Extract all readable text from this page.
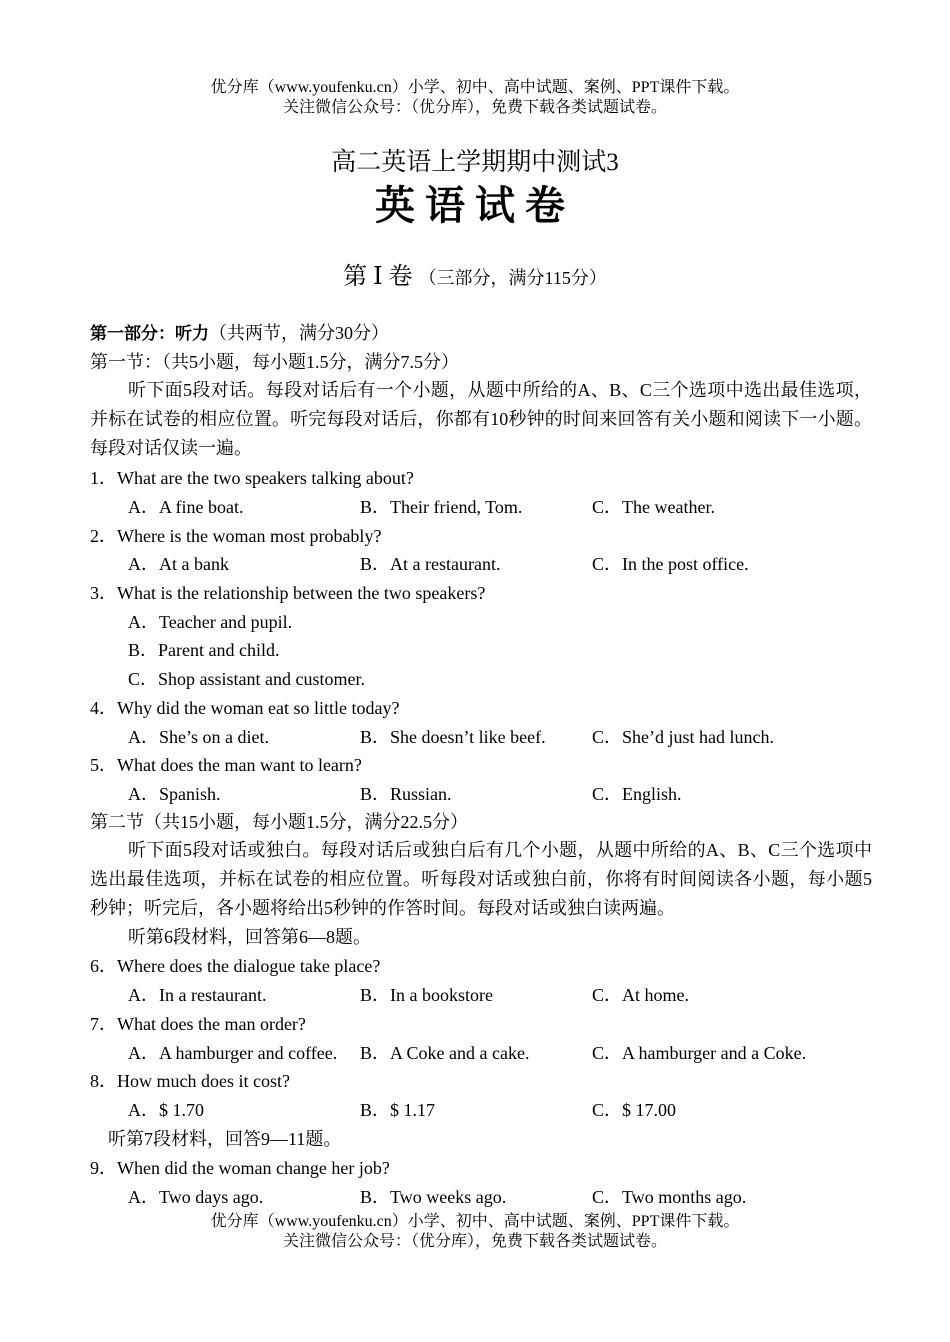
优分库（www.youfenku.cn）小学、初中、高中试题、案例、PPT课件下载。
关注微信公众号：（优分库），免费下载各类试题试卷。
高二英语上学期期中测试3
英语试卷
第Ⅰ卷（三部分，满分115分）
第一部分：听力（共两节，满分30分）
第一节：（共5小题，每小题1.5分，满分7.5分）
听下面5段对话。每段对话后有一个小题，从题中所给的A、B、C三个选项中选出最佳选项，并标在试卷的相应位置。听完每段对话后，你都有10秒钟的时间来回答有关小题和阅读下一小题。每段对话仅读一遍。
1．What are the two speakers talking about?
A．A fine boat.	B．Their friend, Tom.	C．The weather.
2．Where is the woman most probably?
A．At a bank	B．At a restaurant.	C．In the post office.
3．What is the relationship between the two speakers?
A．Teacher and pupil.
B．Parent and child.
C．Shop assistant and customer.
4．Why did the woman eat so little today?
A．She’s on a diet.	B．She doesn’t like beef.	C．She’d just had lunch.
5．What does the man want to learn?
A．Spanish.	B．Russian.	C．English.
第二节（共15小题，每小题1.5分，满分22.5分）
听下面5段对话或独白。每段对话后或独白后有几个小题，从题中所给的A、B、C三个选项中选出最佳选项，并标在试卷的相应位置。听每段对话或独白前，你将有时间阅读各小题，每小题5秒钟；听完后，各小题将给出5秒钟的作答时间。每段对话或独白读两遍。
听第6段材料，回答第6—8题。
6．Where does the dialogue take place?
A．In a restaurant.	B．In a bookstore	C．At home.
7．What does the man order?
A．A hamburger and coffee. B．A Coke and a cake.	C．A hamburger and a Coke.
8．How much does it cost?
A．$ 1.70	B．$ 1.17	C．$ 17.00
听第7段材料，回答9—11题。
9．When did the woman change her job?
A．Two days ago.	B．Two weeks ago.	C．Two months ago.
优分库（www.youfenku.cn）小学、初中、高中试题、案例、PPT课件下载。
关注微信公众号：（优分库），免费下载各类试题试卷。
